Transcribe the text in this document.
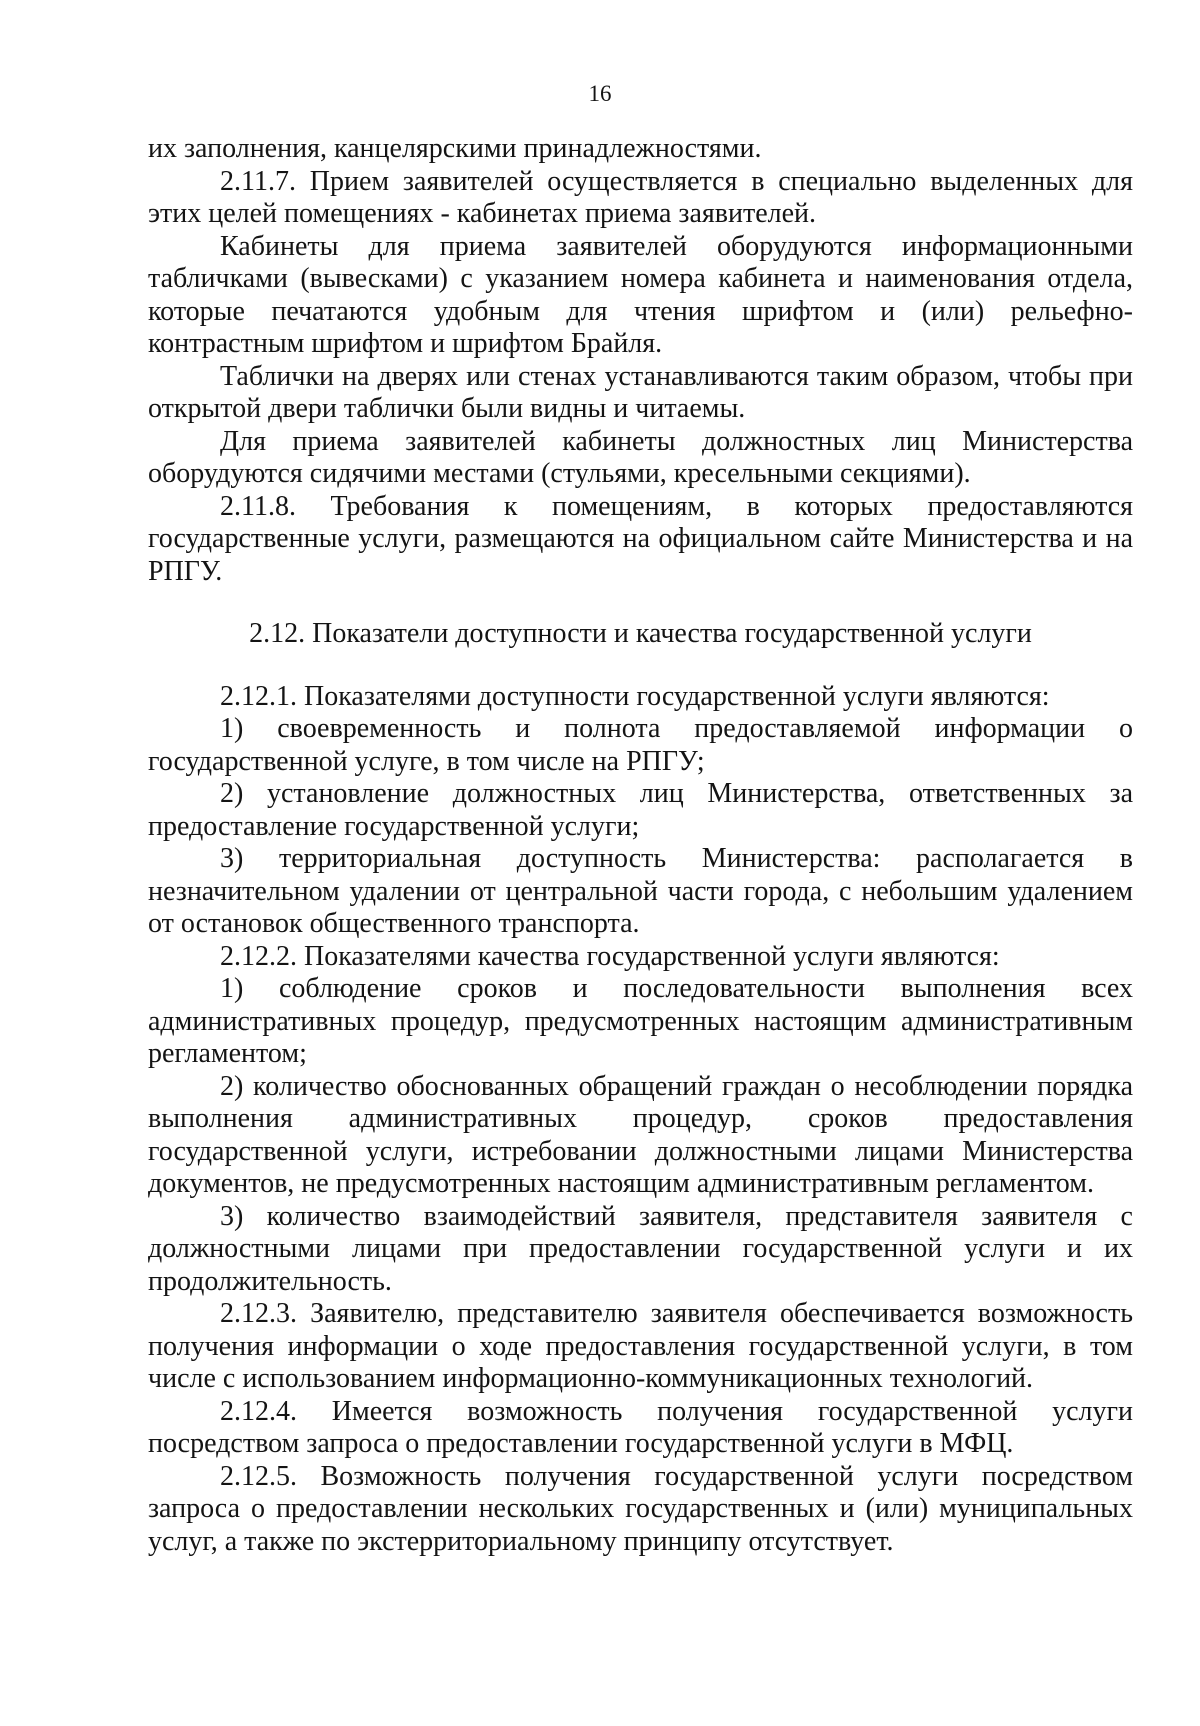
16

их заполнения, канцелярскими принадлежностями.

2.11.7. Прием заявителей осуществляется в специально выделенных для этих целей помещениях - кабинетах приема заявителей.

Кабинеты для приема заявителей оборудуются информационными табличками (вывесками) с указанием номера кабинета и наименования отдела, которые печатаются удобным для чтения шрифтом и (или) рельефно-контрастным шрифтом и шрифтом Брайля.

Таблички на дверях или стенах устанавливаются таким образом, чтобы при открытой двери таблички были видны и читаемы.

Для приема заявителей кабинеты должностных лиц Министерства оборудуются сидячими местами (стульями, кресельными секциями).

2.11.8. Требования к помещениям, в которых предоставляются государственные услуги, размещаются на официальном сайте Министерства и на РПГУ.

2.12. Показатели доступности и качества государственной услуги

2.12.1. Показателями доступности государственной услуги являются:

1) своевременность и полнота предоставляемой информации о государственной услуге, в том числе на РПГУ;

2) установление должностных лиц Министерства, ответственных за предоставление государственной услуги;

3) территориальная доступность Министерства: располагается в незначительном удалении от центральной части города, с небольшим удалением от остановок общественного транспорта.

2.12.2. Показателями качества государственной услуги являются:

1) соблюдение сроков и последовательности выполнения всех административных процедур, предусмотренных настоящим административным регламентом;

2) количество обоснованных обращений граждан о несоблюдении порядка выполнения административных процедур, сроков предоставления государственной услуги, истребовании должностными лицами Министерства документов, не предусмотренных настоящим административным регламентом.

3) количество взаимодействий заявителя, представителя заявителя с должностными лицами при предоставлении государственной услуги и их продолжительность.

2.12.3. Заявителю, представителю заявителя обеспечивается возможность получения информации о ходе предоставления государственной услуги, в том числе с использованием информационно-коммуникационных технологий.

2.12.4. Имеется возможность получения государственной услуги посредством запроса о предоставлении государственной услуги в МФЦ.

2.12.5. Возможность получения государственной услуги посредством запроса о предоставлении нескольких государственных и (или) муниципальных услуг, а также по экстерриториальному принципу отсутствует.
